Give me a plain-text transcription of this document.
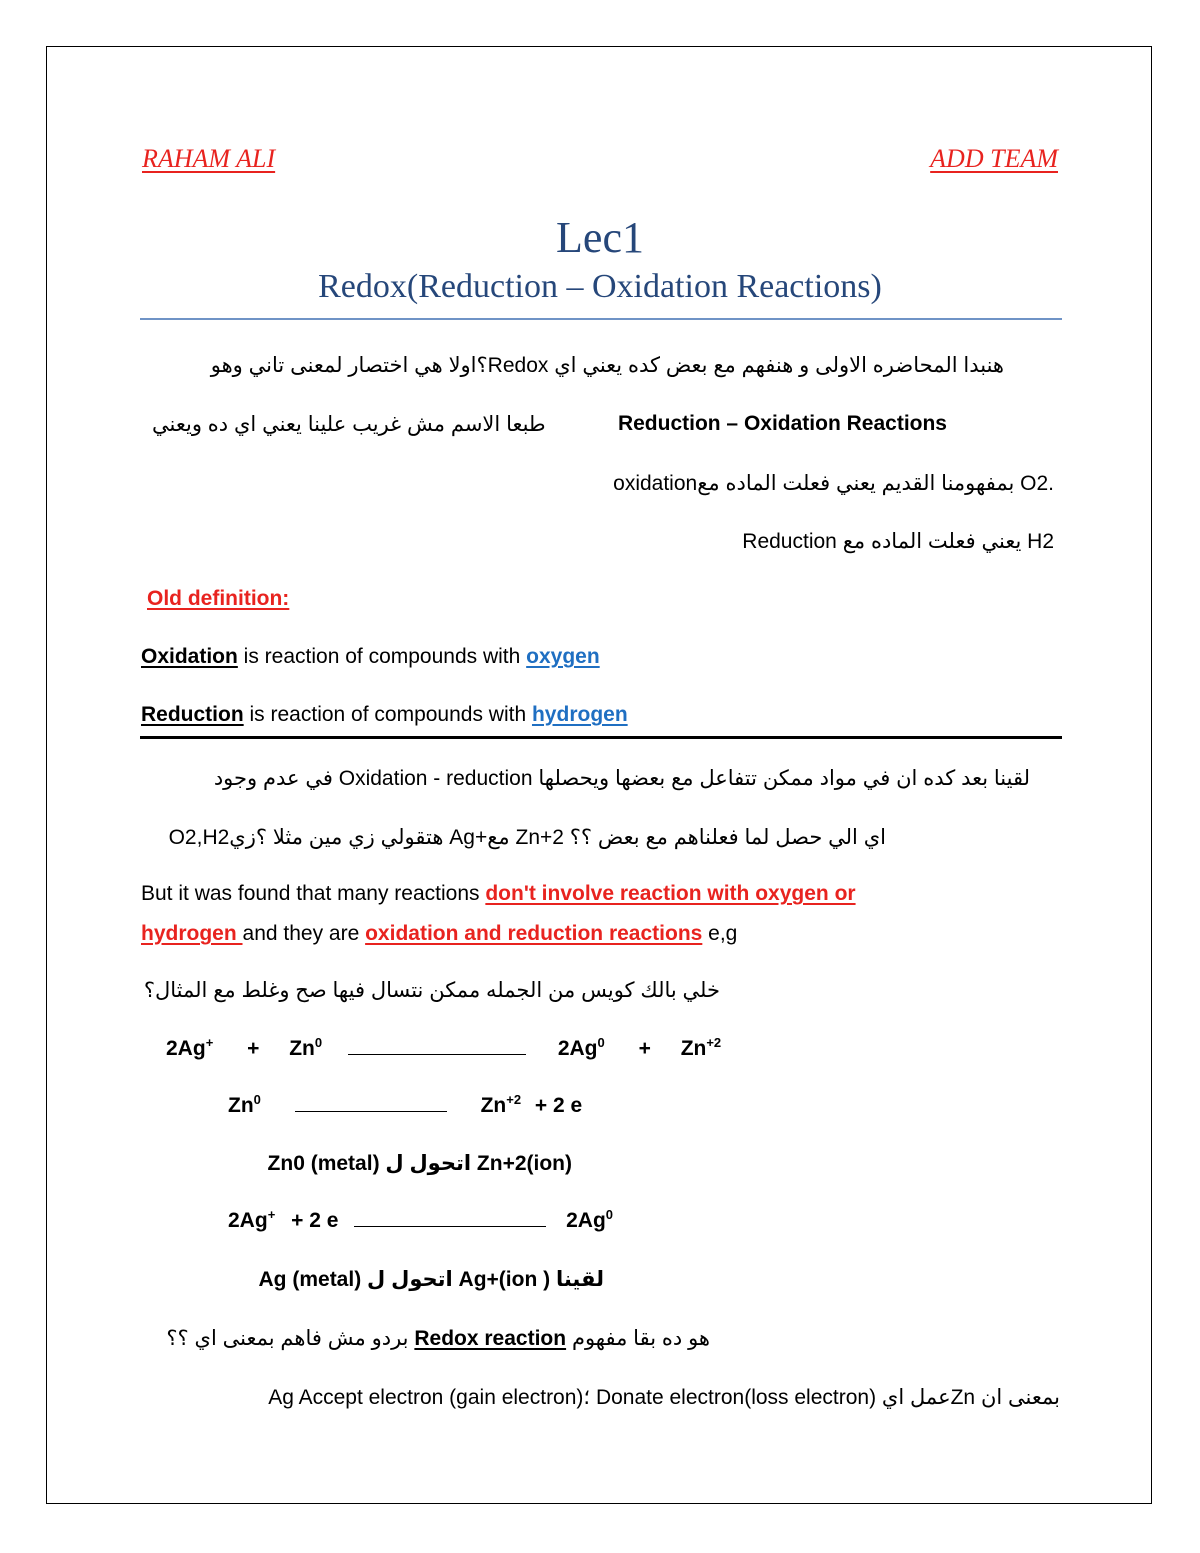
RAHAM ALI	ADD TEAM
Lec1
Redox(Reduction – Oxidation Reactions)
هنبدا المحاضره الاولى و هنفهم مع بعض كده يعني اي Redox؟اولا هي اختصار لمعنى تاني وهو
طبعا الاسم مش غريب علينا يعني اي ده ويعني	Reduction – Oxidation Reactions
oxidationبمفهومنا القديم يعني فعلت الماده مع O2.
Reduction يعني فعلت الماده مع H2
Old definition:
Oxidation is reaction of compounds with oxygen
Reduction is reaction of compounds with hydrogen
لقينا بعد كده ان في مواد ممكن تتفاعل مع بعضها ويحصلها Oxidation - reduction في عدم وجود
O2,H2هتقولي زي مين مثلا ؟زي Ag+مع Zn+2 اي الي حصل لما فعلناهم مع بعض ؟؟
But it was found that many reactions don't involve reaction with oxygen or
hydrogen and they are oxidation and reduction reactions e,g
خلي بالك كويس من الجمله ممكن نتسال فيها صح وغلط مع المثال؟
$2Ag^+ + Zn^0$	$2Ag^0 + Zn^{+2}$
Zn$^0$	$Zn^{+2} + 2$ e
Zn0 (metal) اتحول ل Zn+2(ion)
2Ag+ + 2 e	2Ag$^0$
لقينا Ag+(ion ) اتحول ل Ag (metal)
هو ده بقا مفهوم Redox reaction بردو مش فاهم بمعنى اي ؟؟
بمعنى ان Znعمل اي Donate electron(loss electron) ؛Ag Accept electron (gain electron)
